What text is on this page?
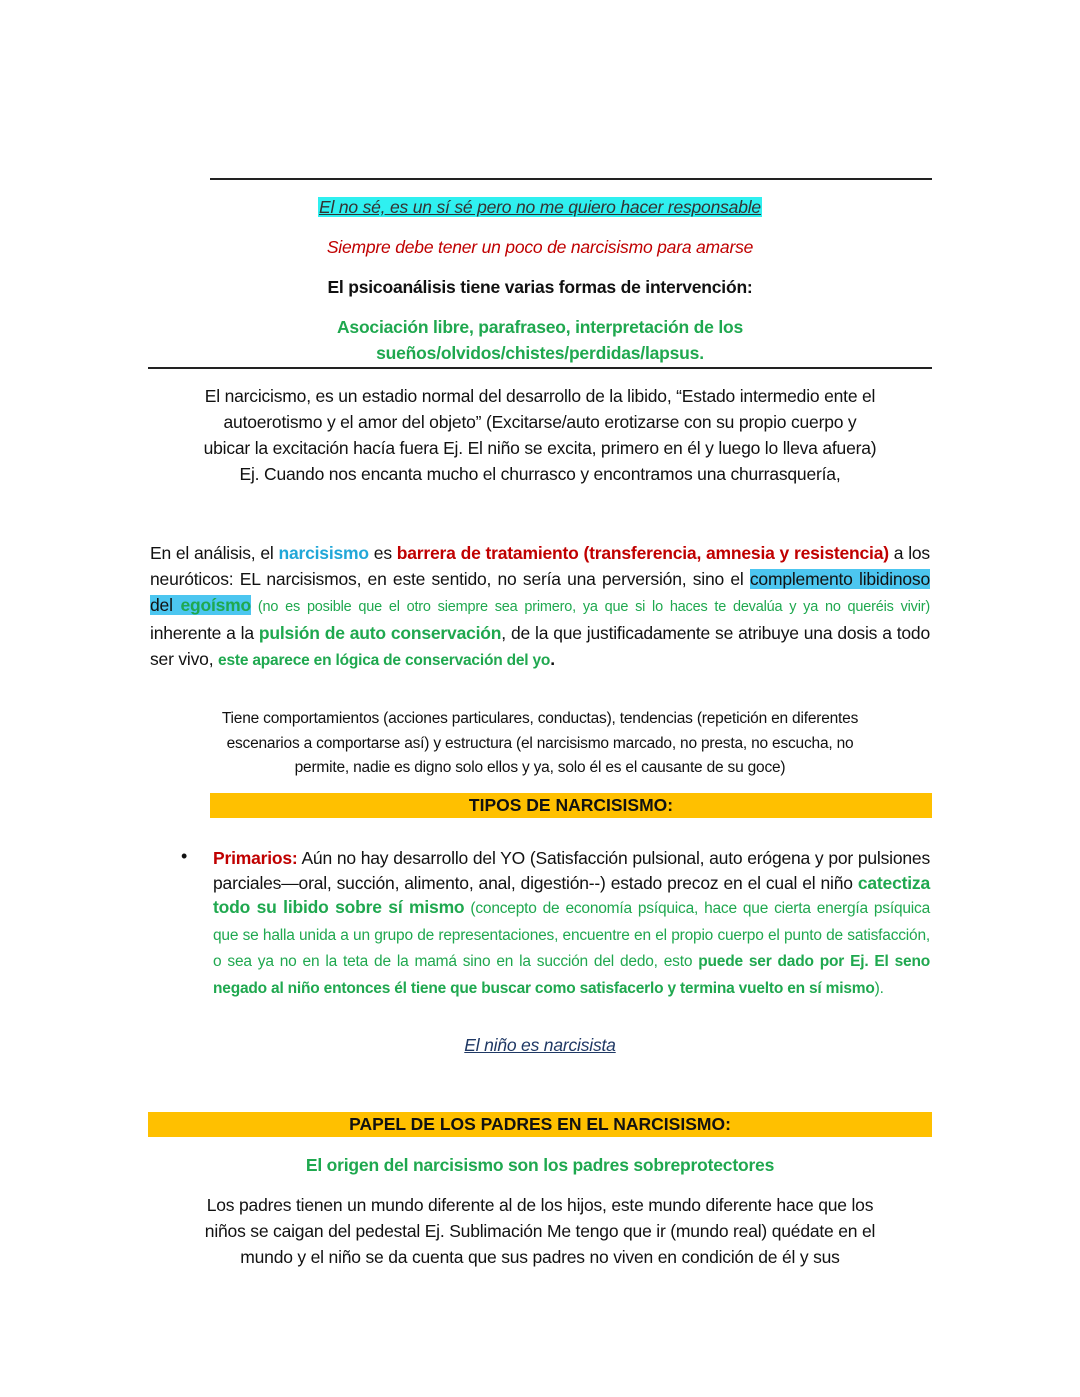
El no sé, es un sí sé pero no me quiero hacer responsable
Siempre debe tener un poco de narcisismo para amarse
El psicoanálisis tiene varias formas de intervención:
Asociación libre, parafraseo, interpretación de los
sueños/olvidos/chistes/perdidas/lapsus.
El narcicismo, es un estadio normal del desarrollo de la libido, “Estado intermedio ente el
autoerotismo y el amor del objeto” (Excitarse/auto erotizarse con su propio cuerpo y
ubicar la excitación hacía fuera Ej. El niño se excita, primero en él y luego lo lleva afuera)
Ej. Cuando nos encanta mucho el churrasco y encontramos una churrasquería,
En el análisis, el narcisismo es barrera de tratamiento (transferencia, amnesia y resistencia) a los neuróticos: EL narcisismos, en este sentido, no sería una perversión, sino el complemento libidinoso del egoísmo (no es posible que el otro siempre sea primero, ya que si lo haces te devalúa y ya no queréis vivir) inherente a la pulsión de auto conservación, de la que justificadamente se atribuye una dosis a todo ser vivo, este aparece en lógica de conservación del yo.
Tiene comportamientos (acciones particulares, conductas), tendencias (repetición en diferentes
escenarios a comportarse así) y estructura (el narcisismo marcado, no presta, no escucha, no
permite, nadie es digno solo ellos y ya, solo él es el causante de su goce)
TIPOS DE NARCISISMO:
• Primarios: Aún no hay desarrollo del YO (Satisfacción pulsional, auto erógena y por pulsiones parciales—oral, succión, alimento, anal, digestión--) estado precoz en el cual el niño catectiza todo su libido sobre sí mismo (concepto de economía psíquica, hace que cierta energía psíquica que se halla unida a un grupo de representaciones, encuentre en el propio cuerpo el punto de satisfacción, o sea ya no en la teta de la mamá sino en la succión del dedo, esto puede ser dado por Ej. El seno negado al niño entonces él tiene que buscar como satisfacerlo y termina vuelto en sí mismo).
El niño es narcisista
PAPEL DE LOS PADRES EN EL NARCISISMO:
El origen del narcisismo son los padres sobreprotectores
Los padres tienen un mundo diferente al de los hijos, este mundo diferente hace que los
niños se caigan del pedestal Ej. Sublimación Me tengo que ir (mundo real) quédate en el
mundo y el niño se da cuenta que sus padres no viven en condición de él y sus
